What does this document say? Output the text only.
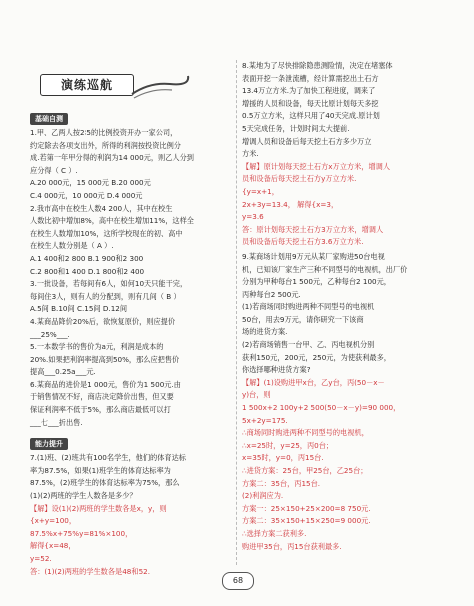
演练巡航
基础自测

1.甲、乙两人按2∶5的比例投资开办一家公司，

约定除去各项支出外，所得的利润按投资比例分

成.若第一年甲分得的利润为14 000元，则乙人分到

应分得（ C ）.

A.20 000元，15 000元 B.20 000元

C.4 000元，10 000元 D.4 000元

2.我市高中在校生人数4 200人，其中在校生

人数比初中增加8%，高中在校生增加11%，这样全

在校生人数增加10%，这所学校现在的初、高中

在校生人数分别是（ A ）.

A.1 400和2 800 B.1 900和2 300

C.2 800和1 400 D.1 800和2 400

3.一批设备，若每间有6人，如何10天只能干完，

每间住3人，则有人的分配到，则有几间（ B ）

A.5间 B.10间 C.15间 D.12间

4.某商品降价20%后，欲恢复原价，则应提价

___25%___.

5.一本数学书的售价为a元，利润是成本的

20%.如果把利润率提高到50%，那么应把售价

提高___0.25a___元.

6.某商品的进价是1 000元，售价为1 500元.由

于销售情况不好，商店决定降价出售，但又要

保证利润率不低于5%，那么商店最低可以打

___七___折出售.

能力提升

7.(1)班、(2)班共有100名学生，他们的体育达标

率为87.5%，如果(1)班学生的体育达标率为

87.5%，(2)班学生的体育达标率为75%，那么

(1)(2)两班的学生人数各是多少？

【解】设(1)(2)两班的学生数各是x，y，则

{x+y=100，

87.5%x+75%y=81%×100，

解得{x=48，

y=52.

答：(1)(2)两班的学生数各是48和52.

8.某地为了尽快排除隐患测险情，决定在堵塞体

表面开挖一条泄流槽，经计算需挖出土石方

13.4万立方米.为了加快工程进度，调来了

增援的人员和设备，每天比原计划每天多挖

0.5万立方米，这样只用了40天完成.原计划

5天完成任务，计划时间太大提前.

增调人员和设备后每天挖土石方多少万立

方米.

【解】原计划每天挖土石方x万立方米，增调人

员和设备后每天挖土石方y万立方米.

{y=x+1，

2x+3y=13.4， 解得{x=3，

y=3.6

答：原计划每天挖土石方3万立方米，增调人

员和设备后每天挖土石方3.6万立方米.

9.某商场计划用9万元从某厂家购进50台电视

机，已知该厂家生产三种不同型号的电视机，出厂价

分别为甲种每台1 500元，乙种每台2 100元，

丙种每台2 500元.

(1)若商场同时购进两种不同型号的电视机

50台，用去9万元，请你研究一下该商

场的进货方案.

(2)若商场销售一台甲、乙、丙电视机分别

获利150元，200元，250元，为使获利最多，

你选择哪种进货方案?

【解】(1)设购进甲x台，乙y台，丙(50－x－

y)台，则

1 500x+2 100y+2 500(50－x－y)=90 000，

5x+2y=175.

∴商场同时购进两种不同型号的电视机，

∴x=25时，y=25，丙0台；

x=35时，y=0，丙15台.

∴进货方案：25台，甲25台，乙25台；

方案二：35台，丙15台.

(2)利润应为.

方案一：25×150+25×200=8 750元.

方案二：35×150+15×250=9 000元.

∴选择方案二获利多.

购进甲35台，丙15台获利最多.

68
